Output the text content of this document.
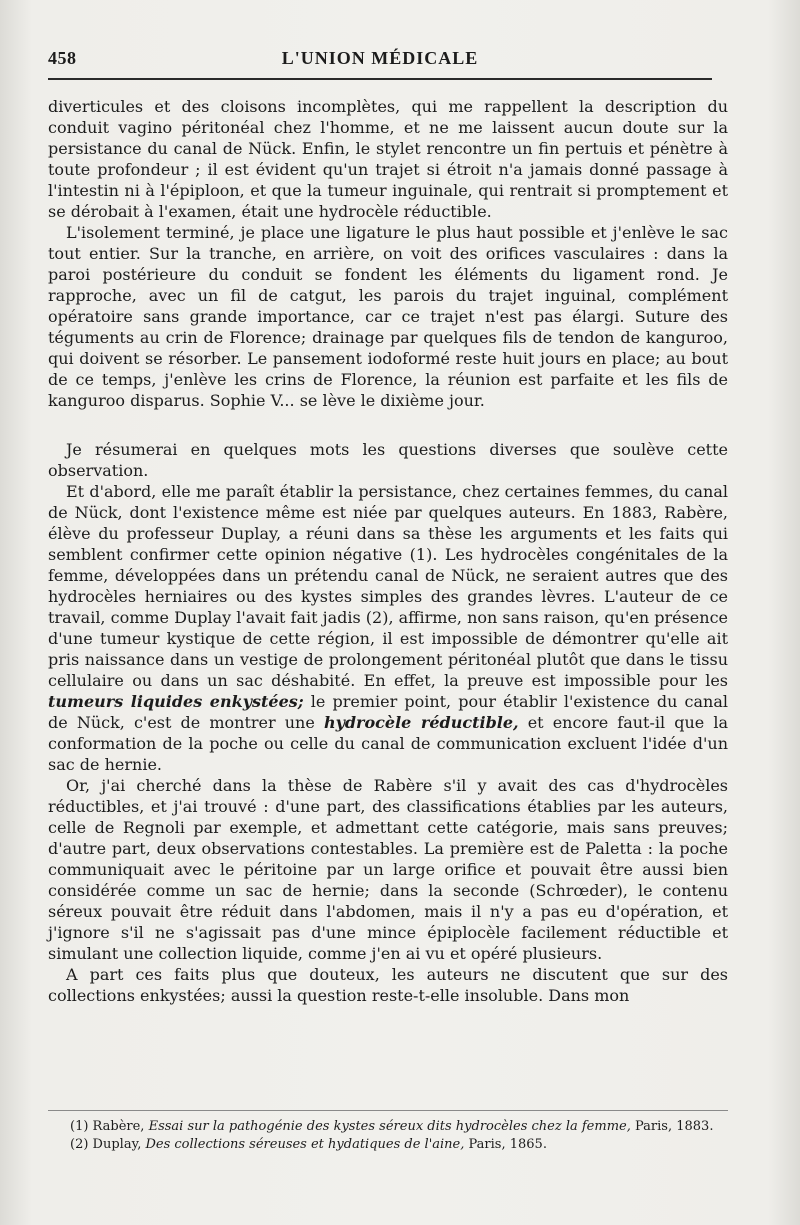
458	L'UNION MÉDICALE

diverticules et des cloisons incomplètes, qui me rappellent la description du conduit vagino péritonéal chez l'homme, et ne me laissent aucun doute sur la persistance du canal de Nück. Enfin, le stylet rencontre un fin pertuis et pénètre à toute profondeur ; il est évident qu'un trajet si étroit n'a jamais donné passage à l'intestin ni à l'épiploon, et que la tumeur inguinale, qui rentrait si promptement et se dérobait à l'examen, était une hydrocèle réductible.

L'isolement terminé, je place une ligature le plus haut possible et j'enlève le sac tout entier. Sur la tranche, en arrière, on voit des orifices vasculaires : dans la paroi postérieure du conduit se fondent les éléments du ligament rond. Je rapproche, avec un fil de catgut, les parois du trajet inguinal, complément opératoire sans grande importance, car ce trajet n'est pas élargi. Suture des téguments au crin de Florence; drainage par quelques fils de tendon de kanguroo, qui doivent se résorber. Le pansement iodoformé reste huit jours en place; au bout de ce temps, j'enlève les crins de Florence, la réunion est parfaite et les fils de kanguroo disparus. Sophie V... se lève le dixième jour.

Je résumerai en quelques mots les questions diverses que soulève cette observation.

Et d'abord, elle me paraît établir la persistance, chez certaines femmes, du canal de Nück, dont l'existence même est niée par quelques auteurs. En 1883, Rabère, élève du professeur Duplay, a réuni dans sa thèse les arguments et les faits qui semblent confirmer cette opinion négative (1). Les hydrocèles congénitales de la femme, développées dans un prétendu canal de Nück, ne seraient autres que des hydrocèles herniaires ou des kystes simples des grandes lèvres. L'auteur de ce travail, comme Duplay l'avait fait jadis (2), affirme, non sans raison, qu'en présence d'une tumeur kystique de cette région, il est impossible de démontrer qu'elle ait pris naissance dans un vestige de prolongement péritonéal plutôt que dans le tissu cellulaire ou dans un sac déshabité. En effet, la preuve est impossible pour les tumeurs liquides enkystées; le premier point, pour établir l'existence du canal de Nück, c'est de montrer une hydrocèle réductible, et encore faut-il que la conformation de la poche ou celle du canal de communication excluent l'idée d'un sac de hernie.

Or, j'ai cherché dans la thèse de Rabère s'il y avait des cas d'hydrocèles réductibles, et j'ai trouvé : d'une part, des classifications établies par les auteurs, celle de Regnoli par exemple, et admettant cette catégorie, mais sans preuves; d'autre part, deux observations contestables. La première est de Paletta : la poche communiquait avec le péritoine par un large orifice et pouvait être aussi bien considérée comme un sac de hernie; dans la seconde (Schrœder), le contenu séreux pouvait être réduit dans l'abdomen, mais il n'y a pas eu d'opération, et j'ignore s'il ne s'agissait pas d'une mince épiplocèle facilement réductible et simulant une collection liquide, comme j'en ai vu et opéré plusieurs.

A part ces faits plus que douteux, les auteurs ne discutent que sur des collections enkystées; aussi la question reste-t-elle insoluble. Dans mon

(1) Rabère, Essai sur la pathogénie des kystes séreux dits hydrocèles chez la femme, Paris, 1883.

(2) Duplay, Des collections séreuses et hydatiques de l'aine, Paris, 1865.
